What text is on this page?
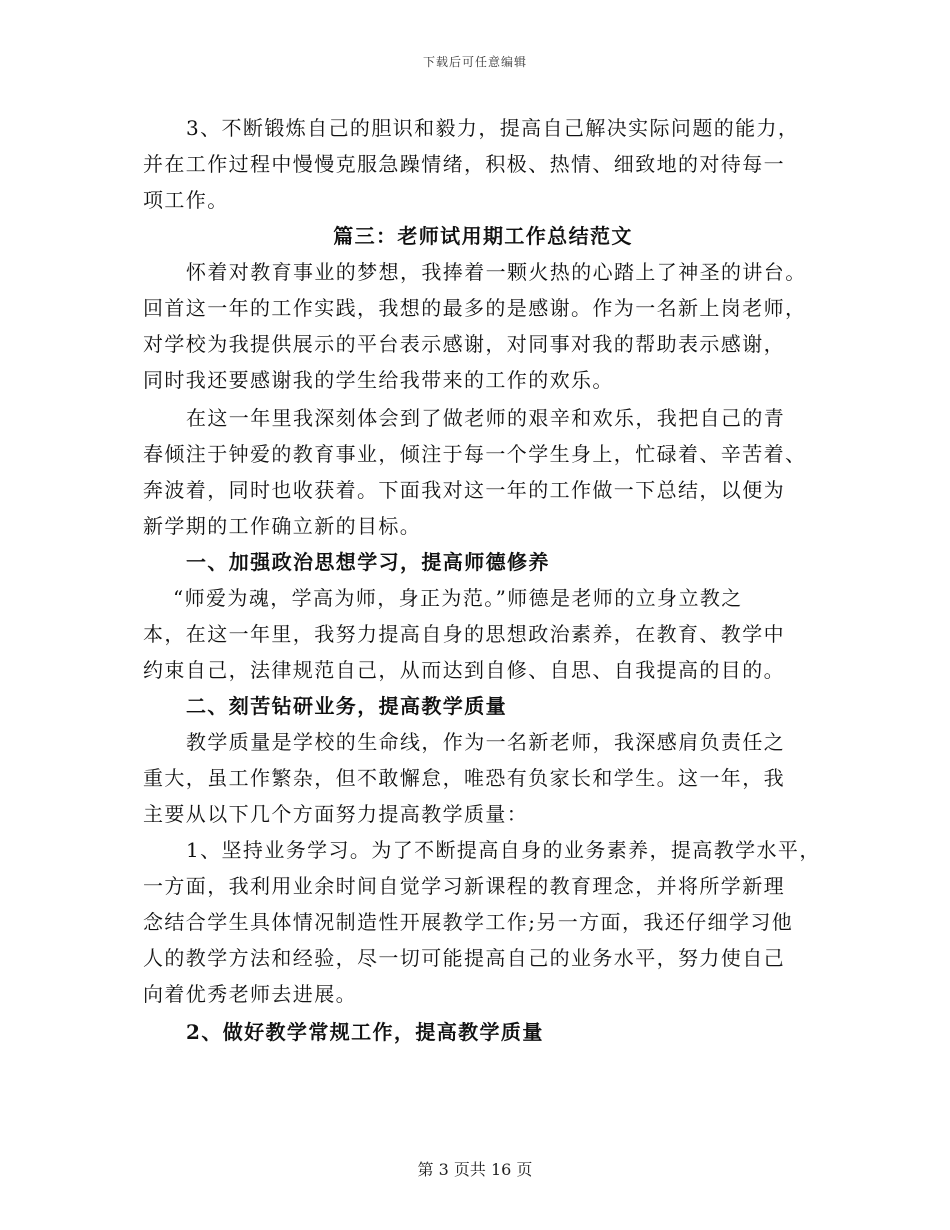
下载后可任意编辑
3、不断锻炼自己的胆识和毅力，提高自己解决实际问题的能力，
并在工作过程中慢慢克服急躁情绪，积极、热情、细致地的对待每一
项工作。
篇三：老师试用期工作总结范文
怀着对教育事业的梦想，我捧着一颗火热的心踏上了神圣的讲台。
回首这一年的工作实践，我想的最多的是感谢。作为一名新上岗老师，
对学校为我提供展示的平台表示感谢，对同事对我的帮助表示感谢，
同时我还要感谢我的学生给我带来的工作的欢乐。
在这一年里我深刻体会到了做老师的艰辛和欢乐，我把自己的青
春倾注于钟爱的教育事业，倾注于每一个学生身上，忙碌着、辛苦着、
奔波着，同时也收获着。下面我对这一年的工作做一下总结，以便为
新学期的工作确立新的目标。
一、加强政治思想学习，提高师德修养
“师爱为魂，学高为师，身正为范。”师德是老师的立身立教之
本，在这一年里，我努力提高自身的思想政治素养，在教育、教学中
约束自己，法律规范自己，从而达到自修、自思、自我提高的目的。
二、刻苦钻研业务，提高教学质量
教学质量是学校的生命线，作为一名新老师，我深感肩负责任之
重大，虽工作繁杂，但不敢懈怠，唯恐有负家长和学生。这一年，我
主要从以下几个方面努力提高教学质量：
1、坚持业务学习。为了不断提高自身的业务素养，提高教学水平，
一方面，我利用业余时间自觉学习新课程的教育理念，并将所学新理
念结合学生具体情况制造性开展教学工作;另一方面，我还仔细学习他
人的教学方法和经验，尽一切可能提高自己的业务水平，努力使自己
向着优秀老师去进展。
2、做好教学常规工作，提高教学质量
第 3 页共 16 页
